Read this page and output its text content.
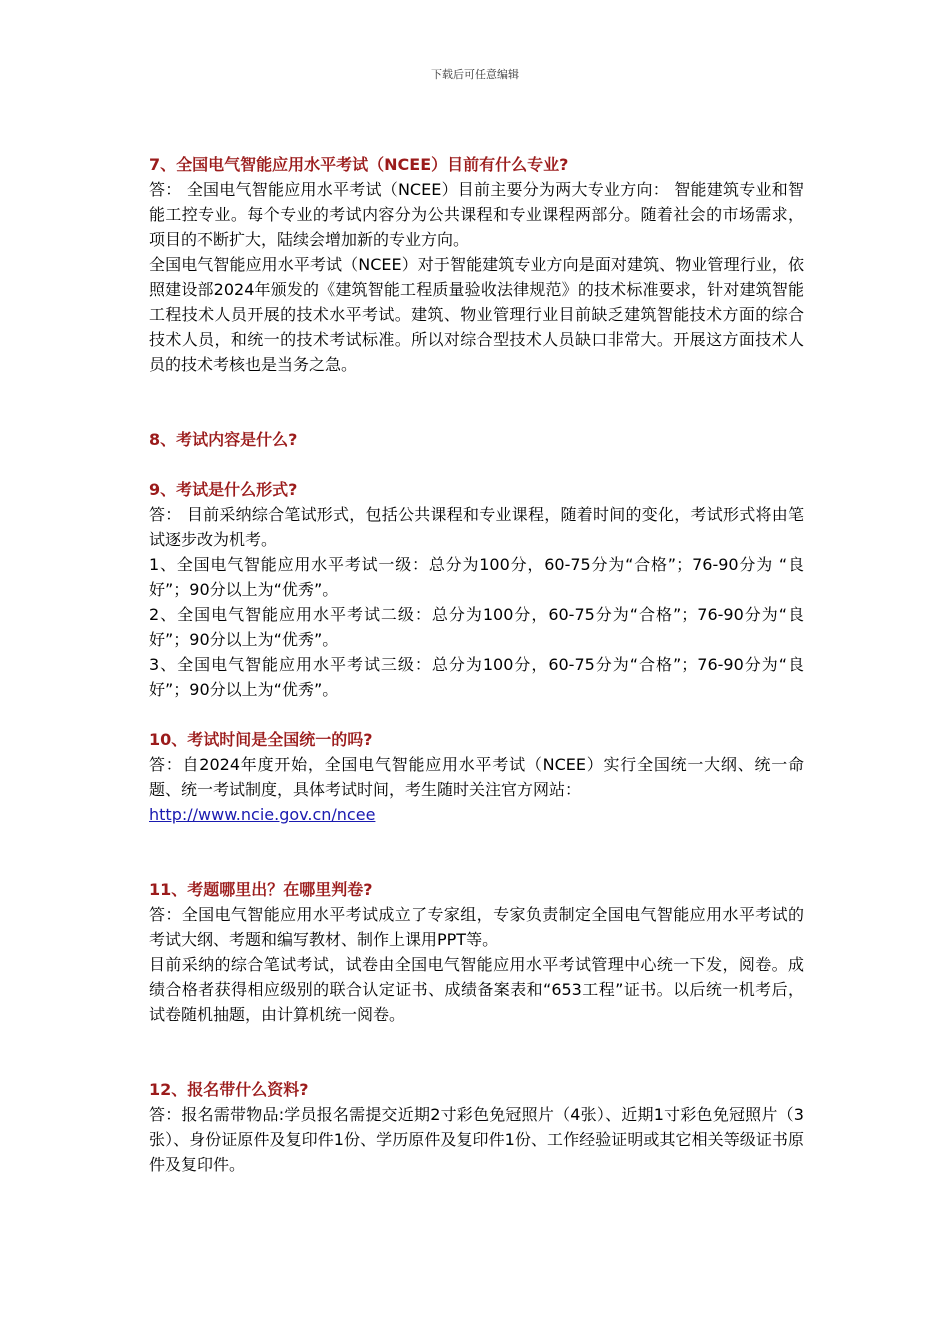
下载后可任意编辑

7、全国电气智能应用水平考试（NCEE）目前有什么专业?

答： 全国电气智能应用水平考试（NCEE）目前主要分为两大专业方向： 智能建筑专业和智能工控专业。每个专业的考试内容分为公共课程和专业课程两部分。随着社会的市场需求，项目的不断扩大，陆续会增加新的专业方向。

全国电气智能应用水平考试（NCEE）对于智能建筑专业方向是面对建筑、物业管理行业，依照建设部2024年颁发的《建筑智能工程质量验收法律规范》的技术标准要求，针对建筑智能工程技术人员开展的技术水平考试。建筑、物业管理行业目前缺乏建筑智能技术方面的综合技术人员，和统一的技术考试标准。所以对综合型技术人员缺口非常大。开展这方面技术人员的技术考核也是当务之急。

8、考试内容是什么?

9、考试是什么形式?

答： 目前采纳综合笔试形式，包括公共课程和专业课程，随着时间的变化，考试形式将由笔试逐步改为机考。

1、全国电气智能应用水平考试一级：总分为100分，60-75分为“合格”；76-90分为 “良好”；90分以上为“优秀”。

2、全国电气智能应用水平考试二级：总分为100分，60-75分为“合格”；76-90分为“良好”；90分以上为“优秀”。

3、全国电气智能应用水平考试三级：总分为100分，60-75分为“合格”；76-90分为“良好”；90分以上为“优秀”。

10、考试时间是全国统一的吗?

答：自2024年度开始，全国电气智能应用水平考试（NCEE）实行全国统一大纲、统一命题、统一考试制度，具体考试时间，考生随时关注官方网站：

http://www.ncie.gov.cn/ncee

11、考题哪里出？在哪里判卷?

答：全国电气智能应用水平考试成立了专家组，专家负责制定全国电气智能应用水平考试的考试大纲、考题和编写教材、制作上课用PPT等。

目前采纳的综合笔试考试，试卷由全国电气智能应用水平考试管理中心统一下发，阅卷。成绩合格者获得相应级别的联合认定证书、成绩备案表和“653工程”证书。以后统一机考后，试卷随机抽题，由计算机统一阅卷。

12、报名带什么资料?

答：报名需带物品:学员报名需提交近期2寸彩色免冠照片（4张）、近期1寸彩色免冠照片（3张）、身份证原件及复印件1份、学历原件及复印件1份、工作经验证明或其它相关等级证书原件及复印件。
